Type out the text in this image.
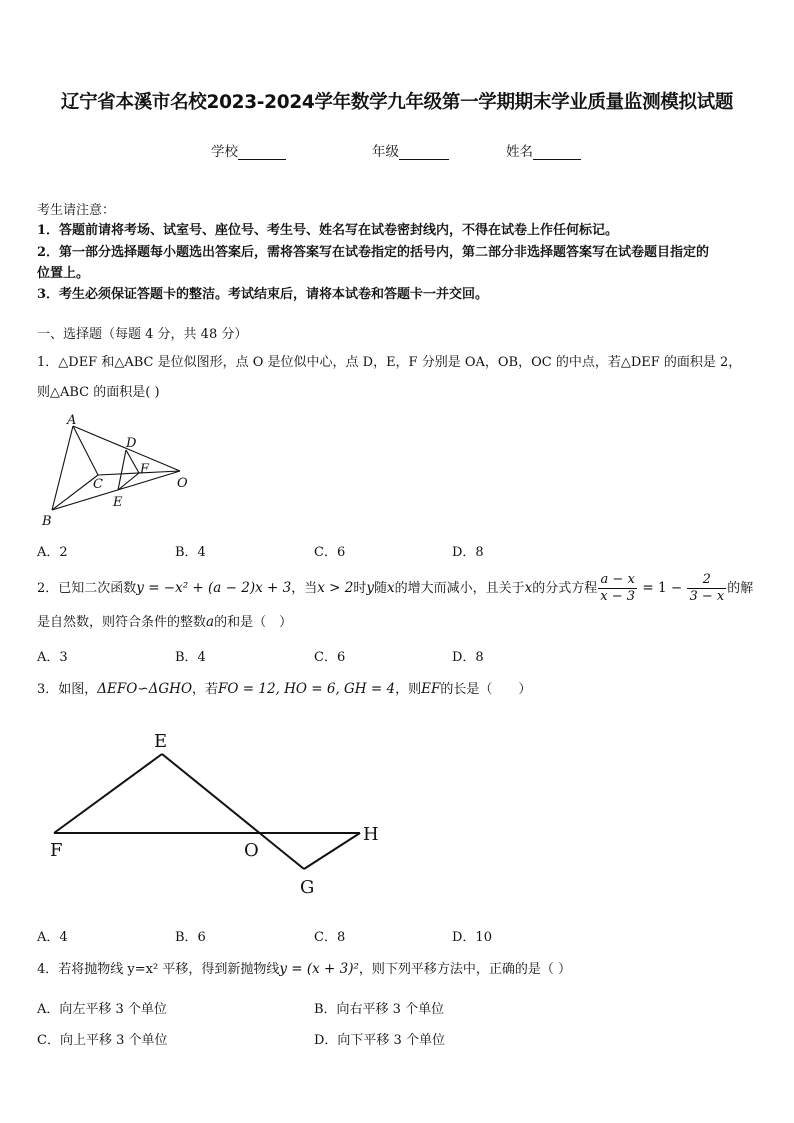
辽宁省本溪市名校2023-2024学年数学九年级第一学期期末学业质量监测模拟试题
学校	年级	姓名
考生请注意：
1．答题前请将考场、试室号、座位号、考生号、姓名写在试卷密封线内，不得在试卷上作任何标记。
2．第一部分选择题每小题选出答案后，需将答案写在试卷指定的括号内，第二部分非选择题答案写在试卷题目指定的
位置上。
3．考生必须保证答题卡的整洁。考试结束后，请将本试卷和答题卡一并交回。
一、选择题（每题 4 分，共 48 分）
1．△DEF 和△ABC 是位似图形，点 O 是位似中心，点 D，E，F 分别是 OA，OB，OC 的中点，若△DEF 的面积是 2，
则△ABC 的面积是( )
A
B
C
D
E
F
O
A．2	B．4	C．6	D．8
2．已知二次函数y = −x² + (a − 2)x + 3，当x > 2时y随x的增大而减小，且关于x的分式方程 $\frac{a - x}{x - 3} = 1 - \frac{2}{3 - x}$ 的解
是自然数，则符合条件的整数a的和是（　）
A．3	B．4	C．6	D．8
3．如图，ΔEFO∽ΔGHO，若FO = 12, HO = 6, GH = 4，则EF的长是（　　）
E
F	O
H
G
A．4	B．6	C．8	D．10
4．若将抛物线 y=x² 平移，得到新抛物线y = (x + 3)²，则下列平移方法中，正确的是（ ）
A．向左平移 3 个单位	B．向右平移 3 个单位
C．向上平移 3 个单位	D．向下平移 3 个单位
